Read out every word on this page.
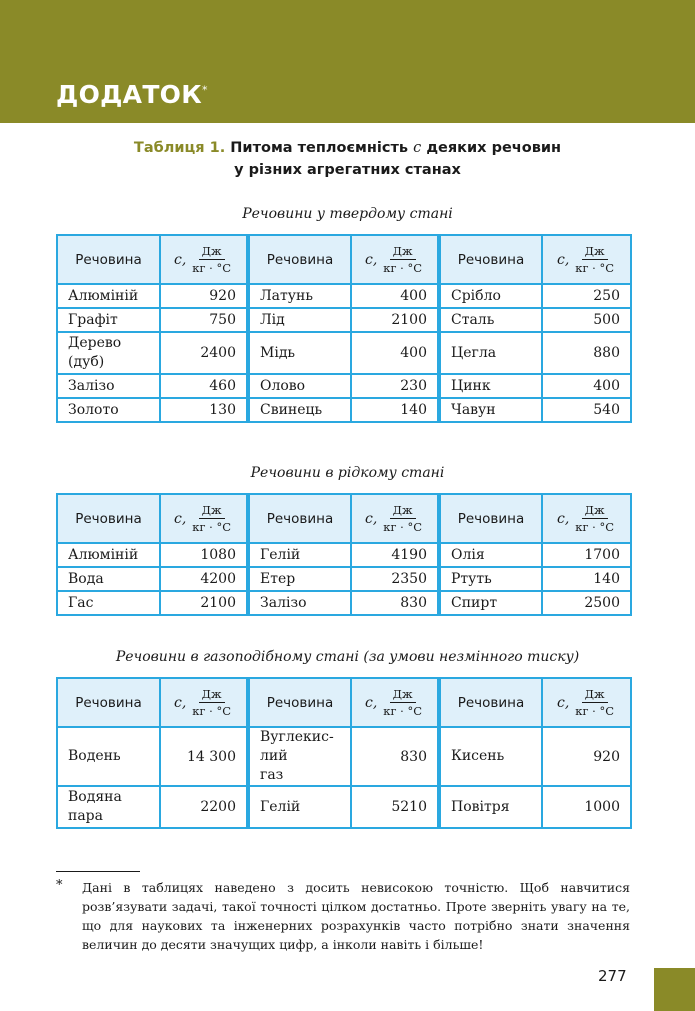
ДОДАТОК*
Таблиця 1. Питома теплоємність c деяких речовин
у різних агрегатних станах
Речовини у твердому стані
Речовина	c, $\frac{Дж}{кг \cdot ^\circ С}$	Речовина	c, $\frac{Дж}{кг \cdot ^\circ С}$	Речовина	c, $\frac{Дж}{кг \cdot ^\circ С}$

Алюміній	920	Латунь	400	Срібло	250
Графіт	750	Лід	2100	Сталь	500
Дерево (дуб)	2400	Мідь	400	Цегла	880
Залізо	460	Олово	230	Цинк	400
Золото	130	Свинець	140	Чавун	540
Речовини в рідкому стані
Речовина	c, $\frac{Дж}{кг \cdot ^\circ С}$	Речовина	c, $\frac{Дж}{кг \cdot ^\circ С}$	Речовина	c, $\frac{Дж}{кг \cdot ^\circ С}$

Алюміній	1080	Гелій	4190	Олія	1700
Вода	4200	Етер	2350	Ртуть	140
Гас	2100	Залізо	830	Спирт	2500
Речовини в газоподібному стані (за умови незмінного тиску)
Речовина	c, $\frac{Дж}{кг \cdot ^\circ С}$	Речовина	c, $\frac{Дж}{кг \cdot ^\circ С}$	Речовина	c, $\frac{Дж}{кг \cdot ^\circ С}$

Водень	14 300	Вуглекис- лий газ	830	Кисень	920
Водяна пара	2200	Гелій	5210	Повітря	1000
* Дані в таблицях наведено з досить невисокою точністю. Щоб навчитися розв’язувати задачі, такої точності цілком достатньо. Проте зверніть увагу на те, що для наукових та інженерних розрахунків часто потрібно знати значення величин до десяти значущих цифр, а інколи навіть і більше!
277
